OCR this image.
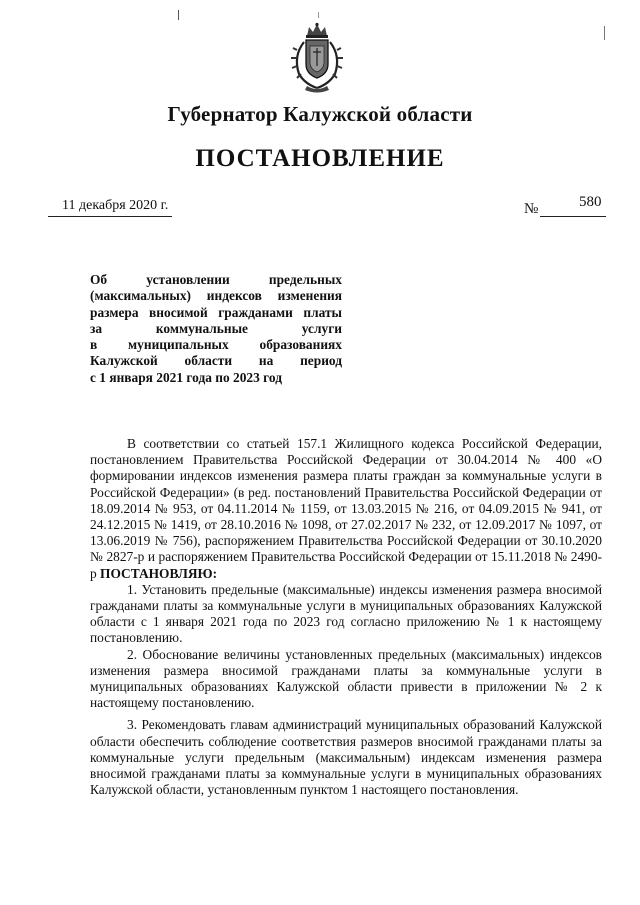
Губернатор Калужской области
ПОСТАНОВЛЕНИЕ
11 декабря 2020 г.	№	580
Об установлении предельных
(максимальных) индексов изменения
размера вносимой гражданами платы
за коммунальные услуги
в муниципальных образованиях
Калужской области на период
с 1 января 2021 года по 2023 год

В соответствии со статьей 157.1 Жилищного кодекса Российской Федерации, постановлением Правительства Российской Федерации от 30.04.2014 № 400 «О формировании индексов изменения размера платы граждан за коммунальные услуги в Российской Федерации» (в ред. постановлений Правительства Российской Федерации от 18.09.2014 № 953, от 04.11.2014 № 1159, от 13.03.2015 № 216, от 04.09.2015 № 941, от 24.12.2015 № 1419, от 28.10.2016 № 1098, от 27.02.2017 № 232, от 12.09.2017 № 1097, от 13.06.2019 № 756), распоряжением Правительства Российской Федерации от 30.10.2020 № 2827-р и распоряжением Правительства Российской Федерации от 15.11.2018 № 2490-р ПОСТАНОВЛЯЮ:

1. Установить предельные (максимальные) индексы изменения размера вносимой гражданами платы за коммунальные услуги в муниципальных образованиях Калужской области с 1 января 2021 года по 2023 год согласно приложению № 1 к настоящему постановлению.

2. Обоснование величины установленных предельных (максимальных) индексов изменения размера вносимой гражданами платы за коммунальные услуги в муниципальных образованиях Калужской области привести в приложении № 2 к настоящему постановлению.

3. Рекомендовать главам администраций муниципальных образований Калужской области обеспечить соблюдение соответствия размеров вносимой гражданами платы за коммунальные услуги предельным (максимальным) индексам изменения размера вносимой гражданами платы за коммунальные услуги в муниципальных образованиях Калужской области, установленным пунктом 1 настоящего постановления.
